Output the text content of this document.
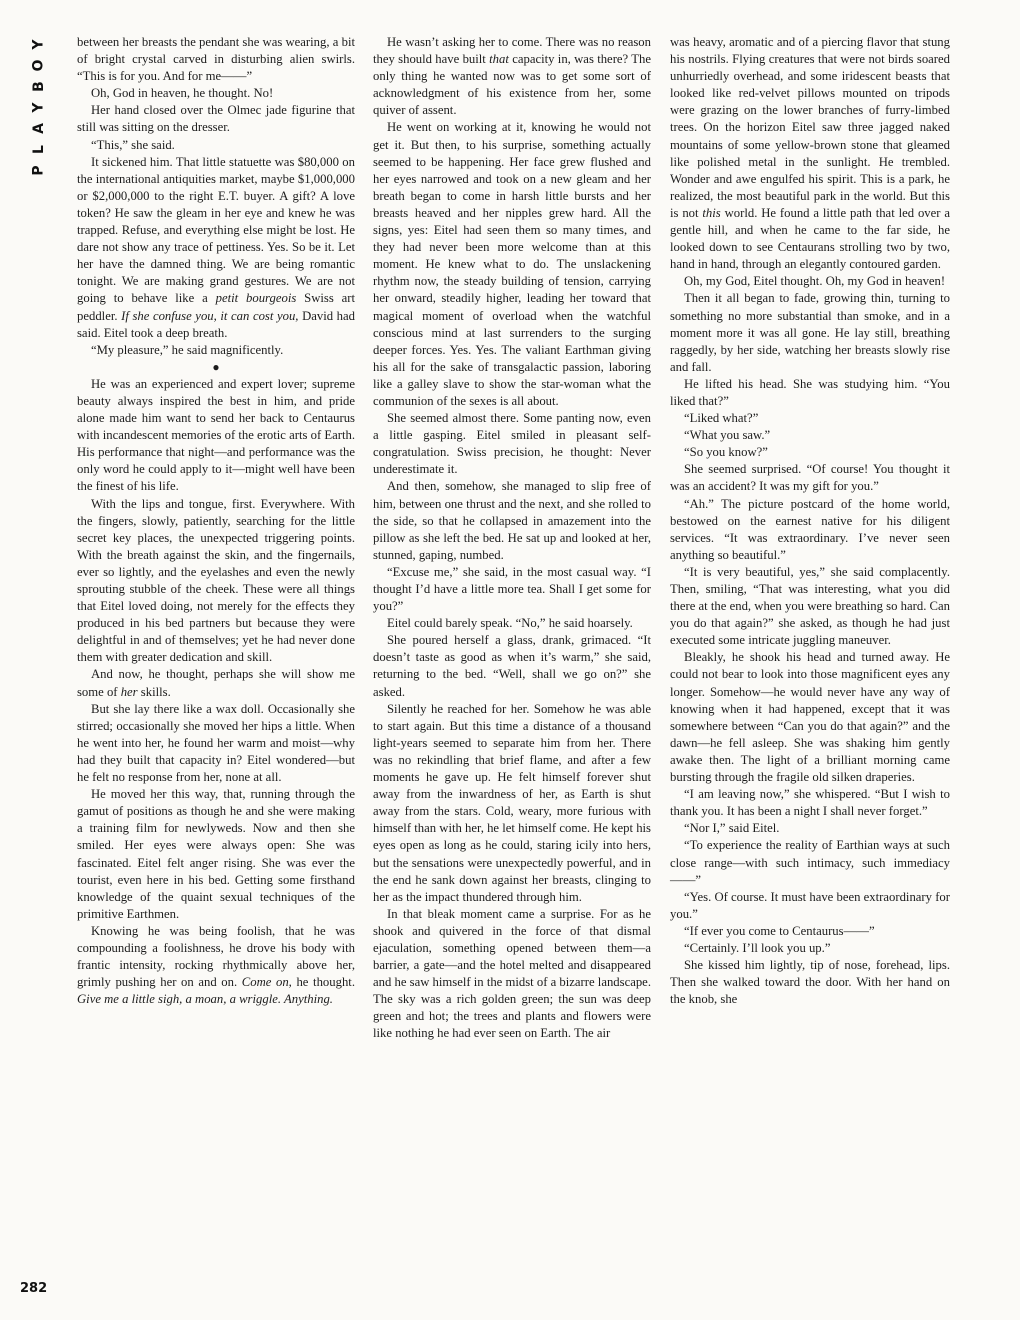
Y
O
B
Y
A
L
P

between her breasts the pendant she was wearing, a bit of bright crystal carved in disturbing alien swirls. “This is for you. And for me——”

Oh, God in heaven, he thought. No!

Her hand closed over the Olmec jade figurine that still was sitting on the dresser.

“This,” she said.

It sickened him. That little statuette was $80,000 on the international antiquities market, maybe $1,000,000 or $2,000,000 to the right E.T. buyer. A gift? A love token? He saw the gleam in her eye and knew he was trapped. Refuse, and everything else might be lost. He dare not show any trace of pettiness. Yes. So be it. Let her have the damned thing. We are being romantic tonight. We are making grand gestures. We are not going to behave like a petit bourgeois Swiss art peddler. If she confuse you, it can cost you, David had said. Eitel took a deep breath.

“My pleasure,” he said magnificently.

●

He was an experienced and expert lover; supreme beauty always inspired the best in him, and pride alone made him want to send her back to Centaurus with incandescent memories of the erotic arts of Earth. His performance that night—and performance was the only word he could apply to it—might well have been the finest of his life.

With the lips and tongue, first. Everywhere. With the fingers, slowly, patiently, searching for the little secret key places, the unexpected triggering points. With the breath against the skin, and the fingernails, ever so lightly, and the eyelashes and even the newly sprouting stubble of the cheek. These were all things that Eitel loved doing, not merely for the effects they produced in his bed partners but because they were delightful in and of themselves; yet he had never done them with greater dedication and skill.

And now, he thought, perhaps she will show me some of her skills.

But she lay there like a wax doll. Occasionally she stirred; occasionally she moved her hips a little. When he went into her, he found her warm and moist—why had they built that capacity in? Eitel wondered—but he felt no response from her, none at all.

He moved her this way, that, running through the gamut of positions as though he and she were making a training film for newlyweds. Now and then she smiled. Her eyes were always open: She was fascinated. Eitel felt anger rising. She was ever the tourist, even here in his bed. Getting some firsthand knowledge of the quaint sexual techniques of the primitive Earthmen.

Knowing he was being foolish, that he was compounding a foolishness, he drove his body with frantic intensity, rocking rhythmically above her, grimly pushing her on and on. Come on, he thought. Give me a little sigh, a moan, a wriggle. Anything.

He wasn’t asking her to come. There was no reason they should have built that capacity in, was there? The only thing he wanted now was to get some sort of acknowledgment of his existence from her, some quiver of assent.

He went on working at it, knowing he would not get it. But then, to his surprise, something actually seemed to be happening. Her face grew flushed and her eyes narrowed and took on a new gleam and her breath began to come in harsh little bursts and her breasts heaved and her nipples grew hard. All the signs, yes: Eitel had seen them so many times, and they had never been more welcome than at this moment. He knew what to do. The unslackening rhythm now, the steady building of tension, carrying her onward, steadily higher, leading her toward that magical moment of overload when the watchful conscious mind at last surrenders to the surging deeper forces. Yes. Yes. The valiant Earthman giving his all for the sake of transgalactic passion, laboring like a galley slave to show the star-woman what the communion of the sexes is all about.

She seemed almost there. Some panting now, even a little gasping. Eitel smiled in pleasant self-congratulation. Swiss precision, he thought: Never underestimate it.

And then, somehow, she managed to slip free of him, between one thrust and the next, and she rolled to the side, so that he collapsed in amazement into the pillow as she left the bed. He sat up and looked at her, stunned, gaping, numbed.

“Excuse me,” she said, in the most casual way. “I thought I’d have a little more tea. Shall I get some for you?”

Eitel could barely speak. “No,” he said hoarsely.

She poured herself a glass, drank, grimaced. “It doesn’t taste as good as when it’s warm,” she said, returning to the bed. “Well, shall we go on?” she asked.

Silently he reached for her. Somehow he was able to start again. But this time a distance of a thousand light-years seemed to separate him from her. There was no rekindling that brief flame, and after a few moments he gave up. He felt himself forever shut away from the inwardness of her, as Earth is shut away from the stars. Cold, weary, more furious with himself than with her, he let himself come. He kept his eyes open as long as he could, staring icily into hers, but the sensations were unexpectedly powerful, and in the end he sank down against her breasts, clinging to her as the impact thundered through him.

In that bleak moment came a surprise. For as he shook and quivered in the force of that dismal ejaculation, something opened between them—a barrier, a gate—and the hotel melted and disappeared and he saw himself in the midst of a bizarre landscape. The sky was a rich golden green; the sun was deep green and hot; the trees and plants and flowers were like nothing he had ever seen on Earth. The air

was heavy, aromatic and of a piercing flavor that stung his nostrils. Flying creatures that were not birds soared unhurriedly overhead, and some iridescent beasts that looked like red-velvet pillows mounted on tripods were grazing on the lower branches of furry-limbed trees. On the horizon Eitel saw three jagged naked mountains of some yellow-brown stone that gleamed like polished metal in the sunlight. He trembled. Wonder and awe engulfed his spirit. This is a park, he realized, the most beautiful park in the world. But this is not this world. He found a little path that led over a gentle hill, and when he came to the far side, he looked down to see Centaurans strolling two by two, hand in hand, through an elegantly contoured garden.

Oh, my God, Eitel thought. Oh, my God in heaven!

Then it all began to fade, growing thin, turning to something no more substantial than smoke, and in a moment more it was all gone. He lay still, breathing raggedly, by her side, watching her breasts slowly rise and fall.

He lifted his head. She was studying him. “You liked that?”

“Liked what?”

“What you saw.”

“So you know?”

She seemed surprised. “Of course! You thought it was an accident? It was my gift for you.”

“Ah.” The picture postcard of the home world, bestowed on the earnest native for his diligent services. “It was extraordinary. I’ve never seen anything so beautiful.”

“It is very beautiful, yes,” she said complacently. Then, smiling, “That was interesting, what you did there at the end, when you were breathing so hard. Can you do that again?” she asked, as though he had just executed some intricate juggling maneuver.

Bleakly, he shook his head and turned away. He could not bear to look into those magnificent eyes any longer. Somehow—he would never have any way of knowing when it had happened, except that it was somewhere between “Can you do that again?” and the dawn—he fell asleep. She was shaking him gently awake then. The light of a brilliant morning came bursting through the fragile old silken draperies.

“I am leaving now,” she whispered. “But I wish to thank you. It has been a night I shall never forget.”

“Nor I,” said Eitel.

“To experience the reality of Earthian ways at such close range—with such intimacy, such immediacy——”

“Yes. Of course. It must have been extraordinary for you.”

“If ever you come to Centaurus——”

“Certainly. I’ll look you up.”

She kissed him lightly, tip of nose, forehead, lips. Then she walked toward the door. With her hand on the knob, she

282
